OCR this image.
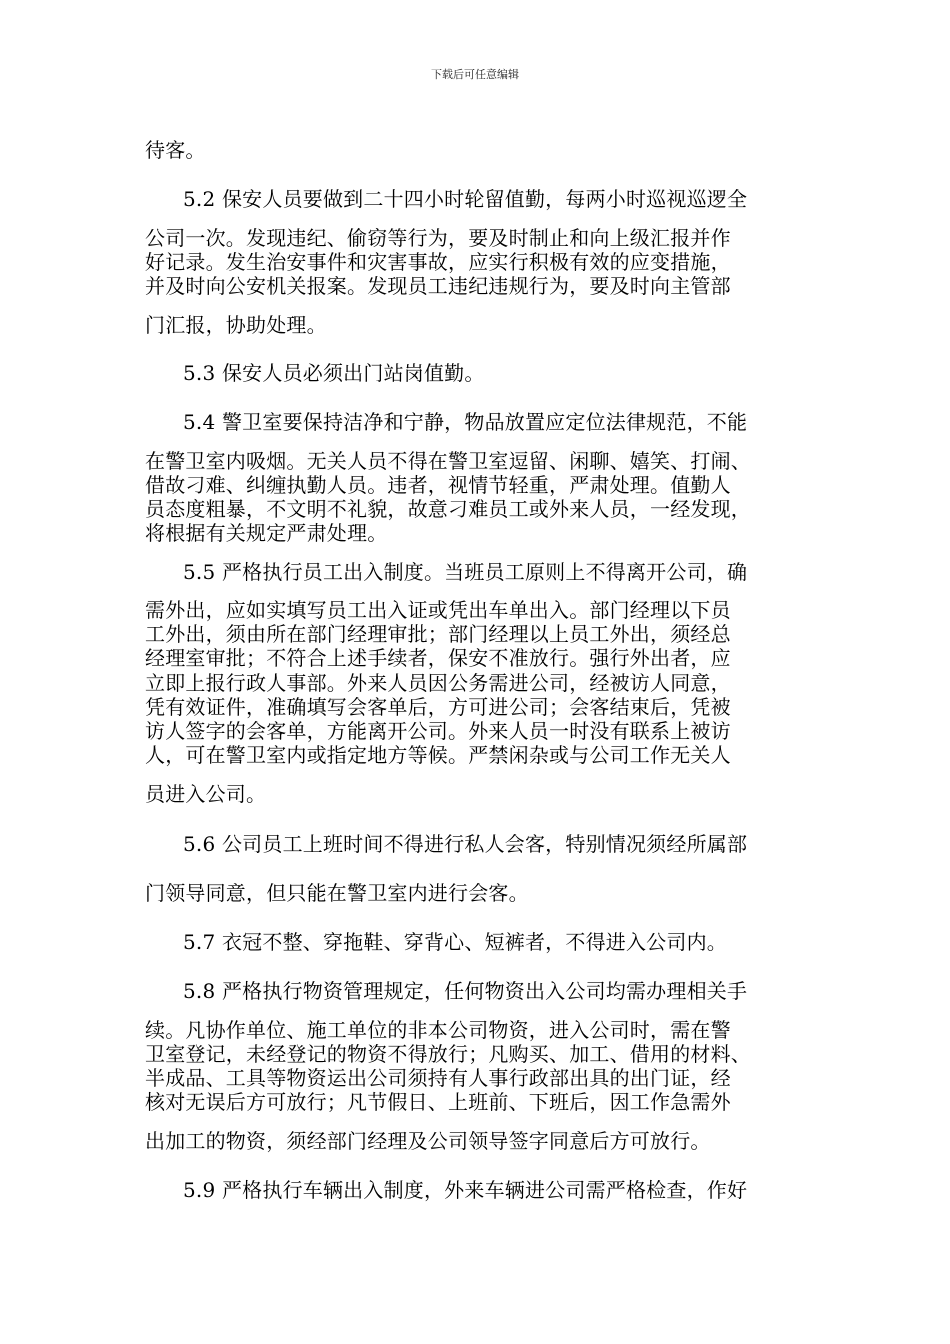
下载后可任意编辑
待客。
5.2 保安人员要做到二十四小时轮留值勤，每两小时巡视巡逻全
公司一次。发现违纪、偷窃等行为，要及时制止和向上级汇报并作
好记录。发生治安事件和灾害事故，应实行积极有效的应变措施，
并及时向公安机关报案。发现员工违纪违规行为，要及时向主管部
门汇报，协助处理。
5.3 保安人员必须出门站岗值勤。
5.4 警卫室要保持洁净和宁静，物品放置应定位法律规范，不能
在警卫室内吸烟。无关人员不得在警卫室逗留、闲聊、嬉笑、打闹、
借故刁难、纠缠执勤人员。违者，视情节轻重，严肃处理。值勤人
员态度粗暴，不文明不礼貌，故意刁难员工或外来人员，一经发现，
将根据有关规定严肃处理。
5.5 严格执行员工出入制度。当班员工原则上不得离开公司，确
需外出，应如实填写员工出入证或凭出车单出入。部门经理以下员
工外出，须由所在部门经理审批；部门经理以上员工外出，须经总
经理室审批；不符合上述手续者，保安不准放行。强行外出者，应
立即上报行政人事部。外来人员因公务需进公司，经被访人同意，
凭有效证件，准确填写会客单后，方可进公司；会客结束后，凭被
访人签字的会客单，方能离开公司。外来人员一时没有联系上被访
人，可在警卫室内或指定地方等候。严禁闲杂或与公司工作无关人
员进入公司。
5.6 公司员工上班时间不得进行私人会客，特别情况须经所属部
门领导同意，但只能在警卫室内进行会客。
5.7 衣冠不整、穿拖鞋、穿背心、短裤者，不得进入公司内。
5.8 严格执行物资管理规定，任何物资出入公司均需办理相关手
续。凡协作单位、施工单位的非本公司物资，进入公司时，需在警
卫室登记，未经登记的物资不得放行；凡购买、加工、借用的材料、
半成品、工具等物资运出公司须持有人事行政部出具的出门证，经
核对无误后方可放行；凡节假日、上班前、下班后，因工作急需外
出加工的物资，须经部门经理及公司领导签字同意后方可放行。
5.9 严格执行车辆出入制度，外来车辆进公司需严格检查，作好
